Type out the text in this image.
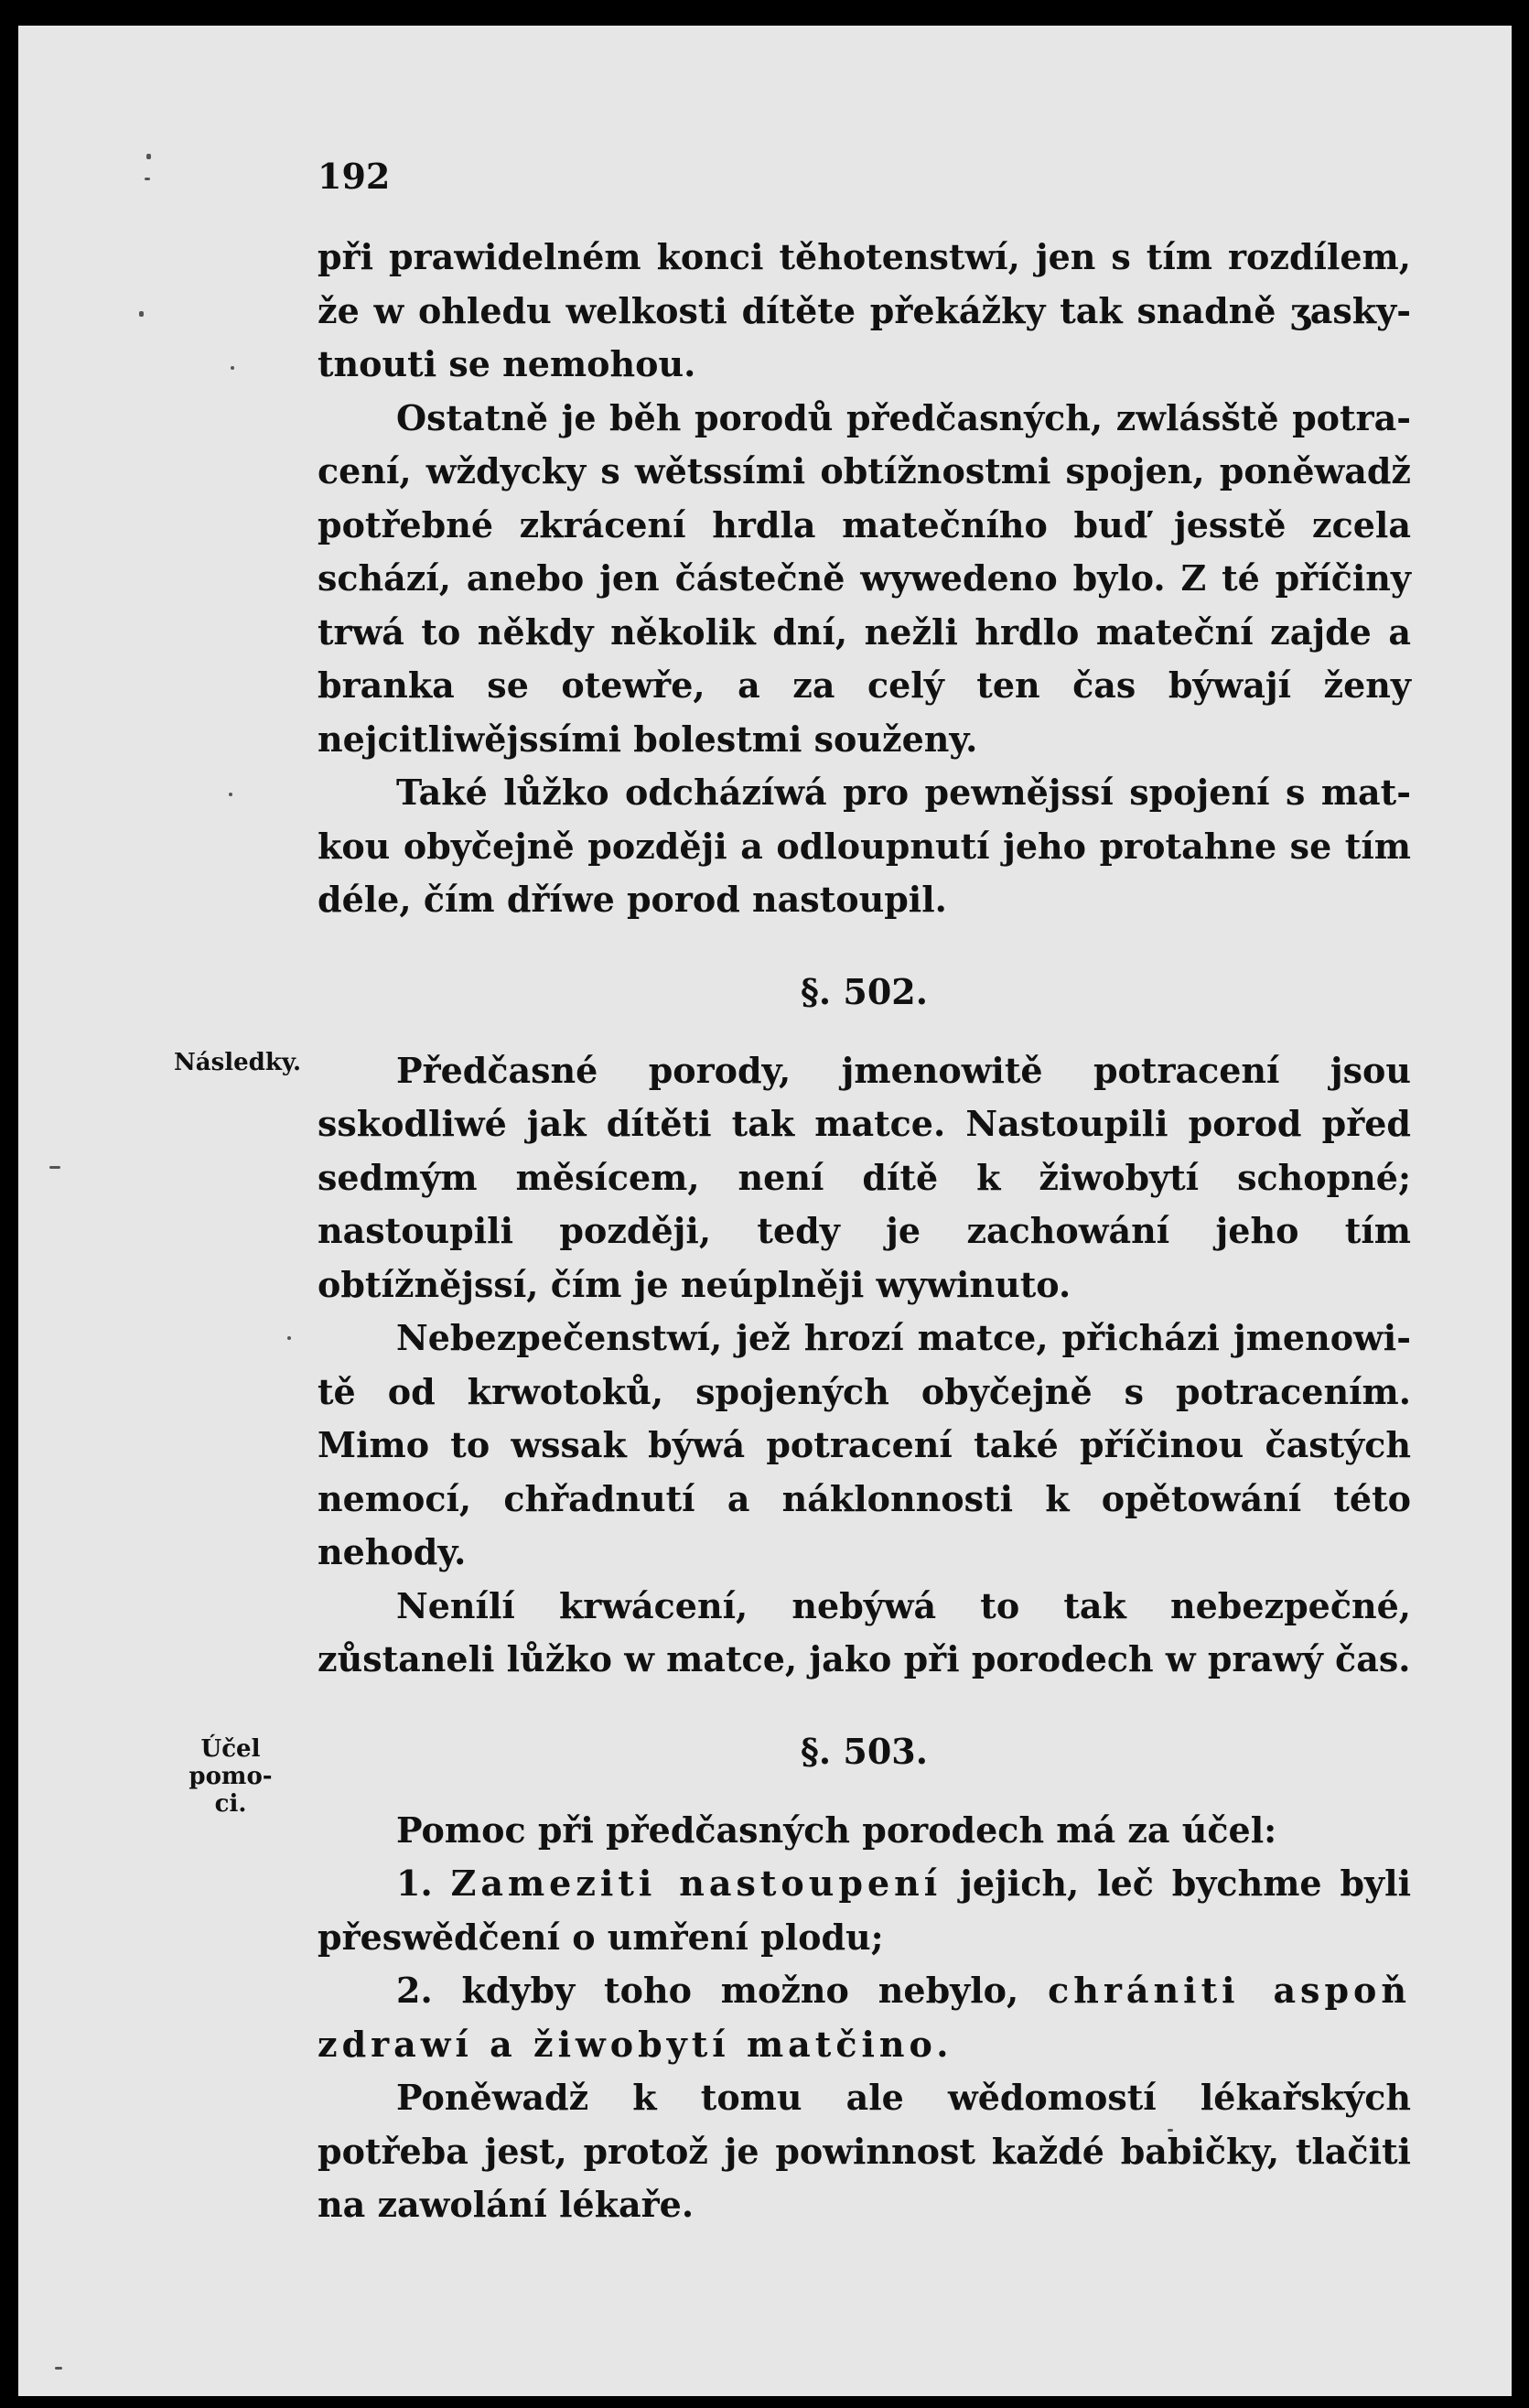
Následky.
Účel pomo-
ci.
192

při prawidelném konci těhotenstwí, jen s tím rozdílem, že w ohledu welkosti dítěte překážky tak snadně ʒaskytnouti se nemohou.

Ostatně je běh porodů předčasných, zwlásště potracení, wždycky s wětssími obtížnostmi spojen, poněwadž potřebné zkrácení hrdla matečního buď jesstě zcela schází, anebo jen částečně wywedeno bylo. Z té příčiny trwá to někdy několik dní, nežli hrdlo mateční zajde a branka se otewře, a za celý ten čas býwají ženy nejcitliwějssími bolestmi souženy.

Také lůžko odcházíwá pro pewnějssí spojení s matkou obyčejně později a odloupnutí jeho protahne se tím déle, čím dříwe porod nastoupil.

§. 502.

Předčasné porody, jmenowitě potracení jsou sskodliwé jak dítěti tak matce. Nastoupili porod před sedmým měsícem, není dítě k žiwobytí schopné; nastoupili později, tedy je zachowání jeho tím obtížnějssí, čím je neúplněji wywinuto.

Nebezpečenstwí, jež hrozí matce, přicházi jmenowitě od krwotoků, spojených obyčejně s potracením. Mimo to wssak býwá potracení také příčinou častých nemocí, chřadnutí a náklonnosti k opětowání této nehody.

Nenílí krwácení, nebýwá to tak nebezpečné, zůstaneli lůžko w matce, jako při porodech w prawý čas.

§. 503.

Pomoc při předčasných porodech má za účel:

1. Zameziti nastoupení jejich, leč bychme byli přeswědčení o umření plodu;

2. kdyby toho možno nebylo, chrániti aspoň zdrawí a žiwobytí matčino.

Poněwadž k tomu ale wědomostí lékařských potřeba jest, protož je powinnost každé babičky, tlačiti na zawolání lékaře.
